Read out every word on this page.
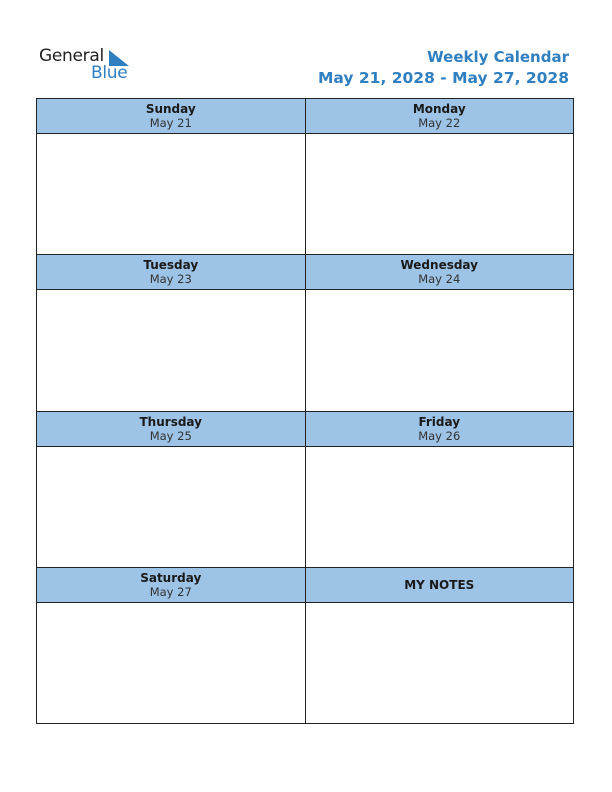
General
Blue
Weekly Calendar
May 21, 2028 - May 27, 2028
Sunday
May 21
Monday
May 22
Tuesday
May 23
Wednesday
May 24
Thursday
May 25
Friday
May 26
Saturday
May 27	MY NOTES
